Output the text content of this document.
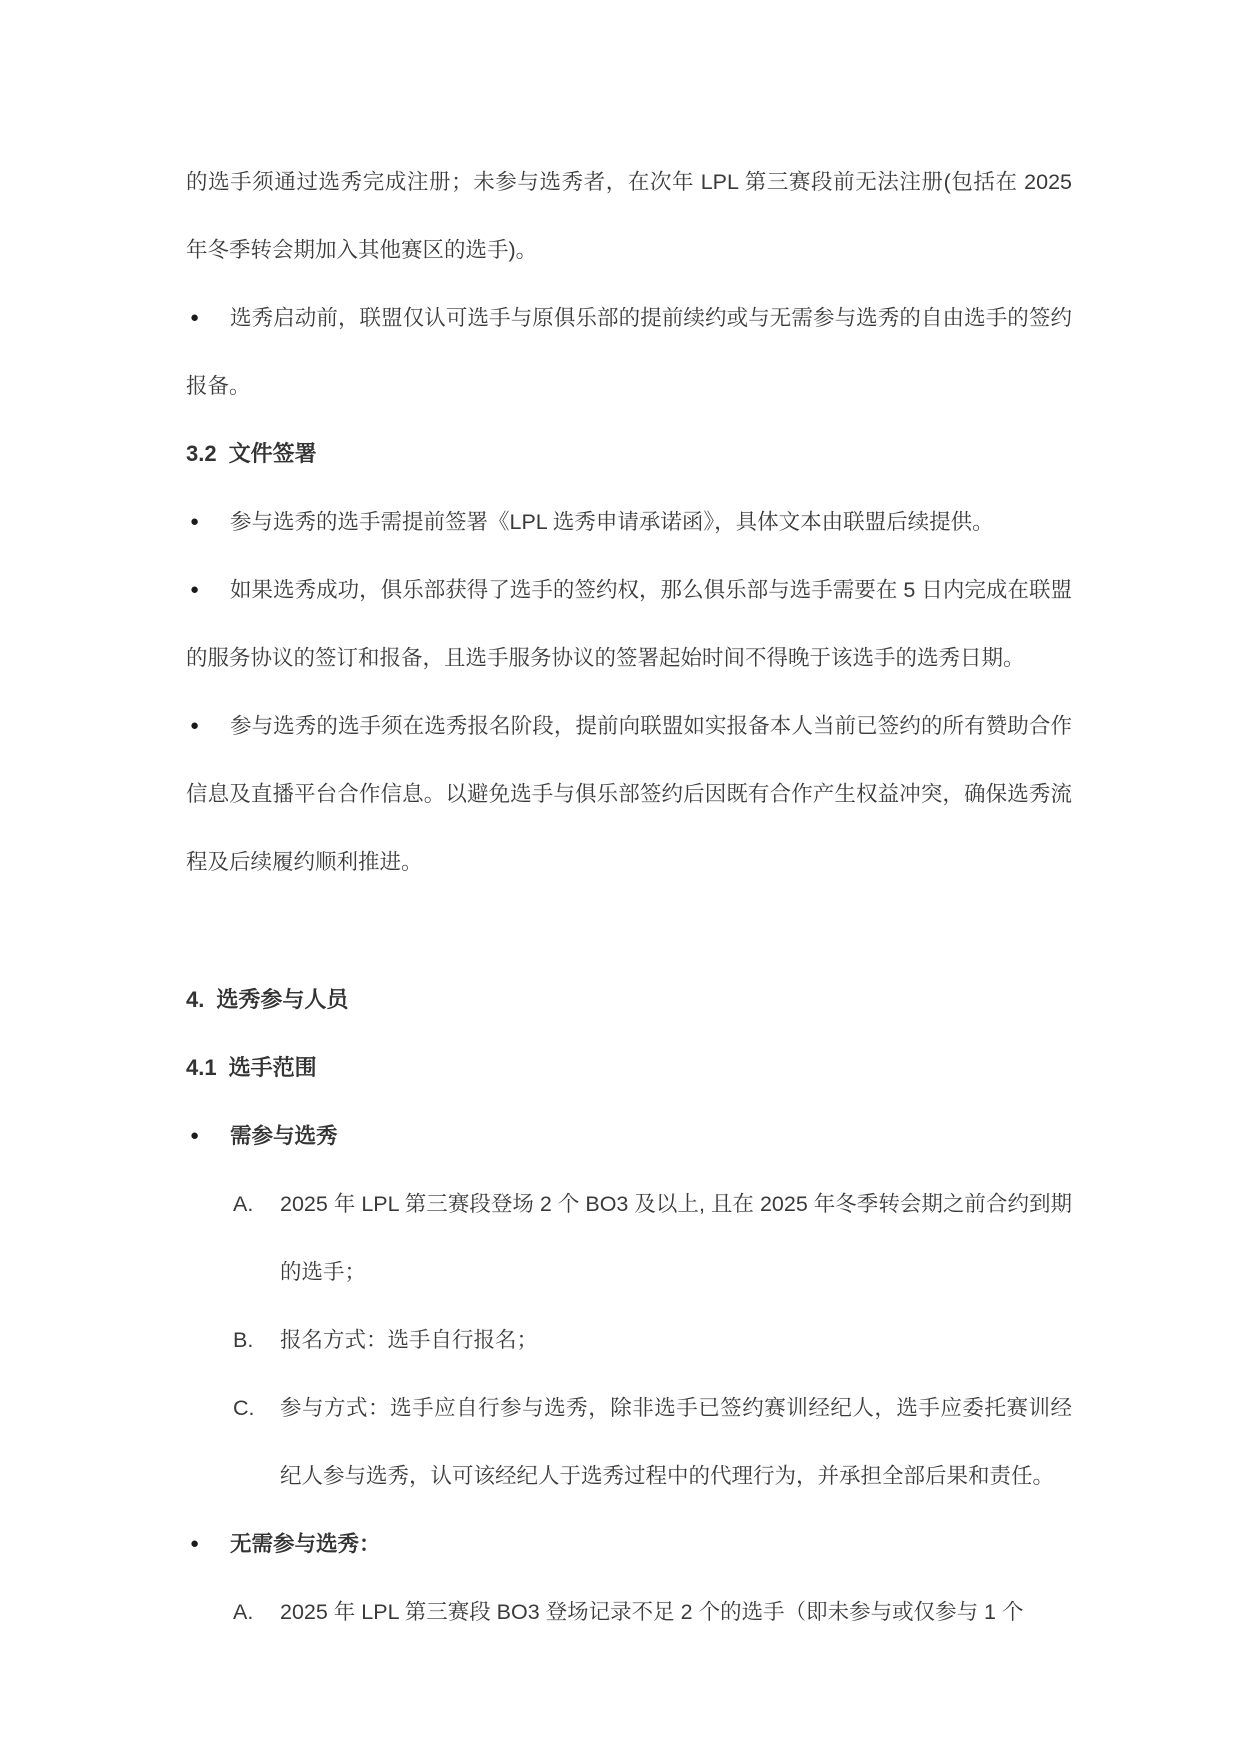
的选手须通过选秀完成注册；未参与选秀者，在次年 LPL 第三赛段前无法注册(包括在 2025 年冬季转会期加入其他赛区的选手)。

● 选秀启动前，联盟仅认可选手与原俱乐部的提前续约或与无需参与选秀的自由选手的签约报备。

3.2 文件签署

● 参与选秀的选手需提前签署《LPL 选秀申请承诺函》，具体文本由联盟后续提供。

● 如果选秀成功，俱乐部获得了选手的签约权，那么俱乐部与选手需要在 5 日内完成在联盟的服务协议的签订和报备，且选手服务协议的签署起始时间不得晚于该选手的选秀日期。

● 参与选秀的选手须在选秀报名阶段，提前向联盟如实报备本人当前已签约的所有赞助合作信息及直播平台合作信息。以避免选手与俱乐部签约后因既有合作产生权益冲突，确保选秀流程及后续履约顺利推进。

4. 选秀参与人员
4.1 选手范围

● 需参与选秀

A. 2025 年 LPL 第三赛段登场 2 个 BO3 及以上, 且在 2025 年冬季转会期之前合约到期的选手；

B. 报名方式：选手自行报名；

C. 参与方式：选手应自行参与选秀，除非选手已签约赛训经纪人，选手应委托赛训经纪人参与选秀，认可该经纪人于选秀过程中的代理行为，并承担全部后果和责任。

● 无需参与选秀：

A. 2025 年 LPL 第三赛段 BO3 登场记录不足 2 个的选手（即未参与或仅参与 1 个
